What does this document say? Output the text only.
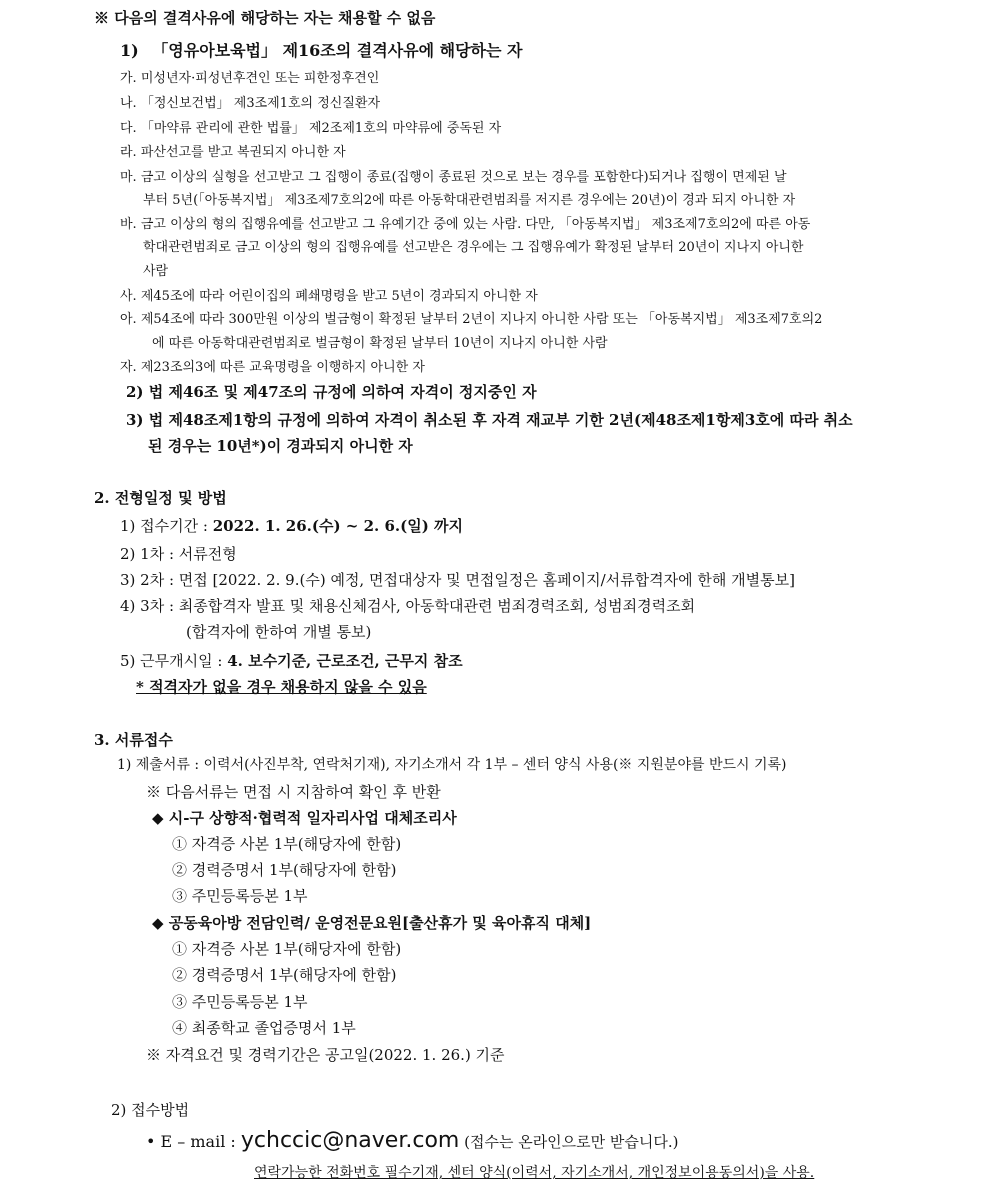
※ 다음의 결격사유에 해당하는 자는 채용할 수 없음
1) 「영유아보육법」 제16조의 결격사유에 해당하는 자
가. 미성년자·피성년후견인 또는 피한정후견인
나. 「정신보건법」 제3조제1호의 정신질환자
다. 「마약류 관리에 관한 법률」 제2조제1호의 마약류에 중독된 자
라. 파산선고를 받고 복권되지 아니한 자
마. 금고 이상의 실형을 선고받고 그 집행이 종료(집행이 종료된 것으로 보는 경우를 포함한다)되거나 집행이 면제된 날
부터 5년(「아동복지법」 제3조제7호의2에 따른 아동학대관련범죄를 저지른 경우에는 20년)이 경과 되지 아니한 자
바. 금고 이상의 형의 집행유예를 선고받고 그 유예기간 중에 있는 사람. 다만, 「아동복지법」 제3조제7호의2에 따른 아동
학대관련범죄로 금고 이상의 형의 집행유예를 선고받은 경우에는 그 집행유예가 확정된 날부터 20년이 지나지 아니한
사람
사. 제45조에 따라 어린이집의 폐쇄명령을 받고 5년이 경과되지 아니한 자
아. 제54조에 따라 300만원 이상의 벌금형이 확정된 날부터 2년이 지나지 아니한 사람 또는 「아동복지법」 제3조제7호의2
에 따른 아동학대관련범죄로 벌금형이 확정된 날부터 10년이 지나지 아니한 사람
자. 제23조의3에 따른 교육명령을 이행하지 아니한 자
2) 법 제46조 및 제47조의 규정에 의하여 자격이 정지중인 자
3) 법 제48조제1항의 규정에 의하여 자격이 취소된 후 자격 재교부 기한 2년(제48조제1항제3호에 따라 취소
된 경우는 10년*)이 경과되지 아니한 자
2. 전형일정 및 방법
1) 접수기간 : 2022. 1. 26.(수) ~ 2. 6.(일) 까지
2) 1차 : 서류전형
3) 2차 : 면접 [2022. 2. 9.(수) 예정, 면접대상자 및 면접일정은 홈페이지/서류합격자에 한해 개별통보]
4) 3차 : 최종합격자 발표 및 채용신체검사, 아동학대관련 범죄경력조회, 성범죄경력조회
(합격자에 한하여 개별 통보)
5) 근무개시일 : 4. 보수기준, 근로조건, 근무지 참조
* 적격자가 없을 경우 채용하지 않을 수 있음
3. 서류접수
1) 제출서류 : 이력서(사진부착, 연락처기재), 자기소개서 각 1부 – 센터 양식 사용(※ 지원분야를 반드시 기록)
※ 다음서류는 면접 시 지참하여 확인 후 반환
◆ 시-구 상향적·협력적 일자리사업 대체조리사
① 자격증 사본 1부(해당자에 한함)
② 경력증명서 1부(해당자에 한함)
③ 주민등록등본 1부
◆ 공동육아방 전담인력/ 운영전문요원[출산휴가 및 육아휴직 대체]
① 자격증 사본 1부(해당자에 한함)
② 경력증명서 1부(해당자에 한함)
③ 주민등록등본 1부
④ 최종학교 졸업증명서 1부
※ 자격요건 및 경력기간은 공고일(2022. 1. 26.) 기준
2) 접수방법
• E – mail : ychccic@naver.com (접수는 온라인으로만 받습니다.)
연락가능한 전화번호 필수기재, 센터 양식(이력서, 자기소개서, 개인정보이용동의서)을 사용.
